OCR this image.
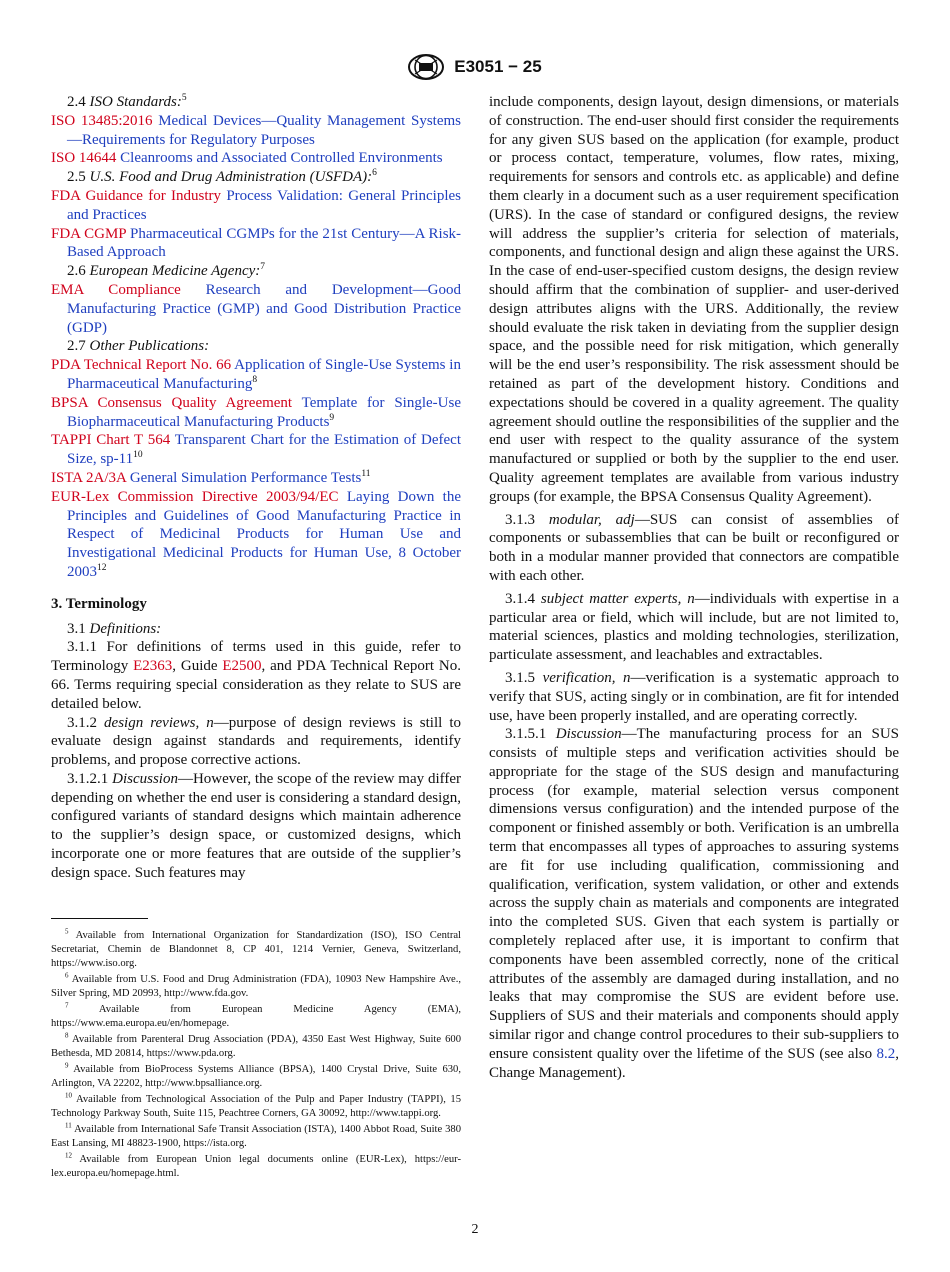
E3051 − 25

2.4 ISO Standards:$^5$

ISO 13485:2016 Medical Devices—Quality Management Systems—Requirements for Regulatory Purposes

ISO 14644 Cleanrooms and Associated Controlled Environments

2.5 U.S. Food and Drug Administration (USFDA):$^6$

FDA Guidance for Industry Process Validation: General Principles and Practices

FDA CGMP Pharmaceutical CGMPs for the 21st Century—A Risk-Based Approach

2.6 European Medicine Agency:$^7$

EMA Compliance Research and Development—Good Manufacturing Practice (GMP) and Good Distribution Practice (GDP)

2.7 Other Publications:

PDA Technical Report No. 66 Application of Single-Use Systems in Pharmaceutical Manufacturing$^8$

BPSA Consensus Quality Agreement Template for Single-Use Biopharmaceutical Manufacturing Products$^9$

TAPPI Chart T 564 Transparent Chart for the Estimation of Defect Size, $sp-11^{10}$

ISTA 2A/3A General Simulation Performance Tests$^{11}$

EUR-Lex Commission Directive 2003/94/EC Laying Down the Principles and Guidelines of Good Manufacturing Practice in Respect of Medicinal Products for Human Use and Investigational Medicinal Products for Human Use, 8 October 2003$^{12}$

3. Terminology

3.1 Definitions:

3.1.1 For definitions of terms used in this guide, refer to Terminology E2363, Guide E2500, and PDA Technical Report No. 66. Terms requiring special consideration as they relate to SUS are detailed below.

3.1.2 design reviews, n—purpose of design reviews is still to evaluate design against standards and requirements, identify problems, and propose corrective actions.

3.1.2.1 Discussion—However, the scope of the review may differ depending on whether the end user is considering a standard design, configured variants of standard designs which maintain adherence to the supplier’s design space, or customized designs, which incorporate one or more features that are outside of the supplier’s design space. Such features may

$^5$ Available from International Organization for Standardization (ISO), ISO Central Secretariat, Chemin de Blandonnet 8, CP 401, 1214 Vernier, Geneva, Switzerland, https://www.iso.org.

$^6$ Available from U.S. Food and Drug Administration (FDA), 10903 New Hampshire Ave., Silver Spring, MD 20993, http://www.fda.gov.

$^7$	Available from European Medicine Agency (EMA), https://www.ema.europa.eu/en/homepage.

$^8$ Available from Parenteral Drug Association (PDA), 4350 East West Highway, Suite 600 Bethesda, MD 20814, https://www.pda.org.

$^9$ Available from BioProcess Systems Alliance (BPSA), 1400 Crystal Drive, Suite 630, Arlington, VA 22202, http://www.bpsalliance.org.

$^{10}$ Available from Technological Association of the Pulp and Paper Industry (TAPPI), 15 Technology Parkway South, Suite 115, Peachtree Corners, GA 30092, http://www.tappi.org.

$^{11}$ Available from International Safe Transit Association (ISTA), 1400 Abbot Road, Suite 380 East Lansing, MI 48823-1900, https://ista.org.

$^{12}$ Available from European Union legal documents online (EUR-Lex), https://eur-lex.europa.eu/homepage.html.

include components, design layout, design dimensions, or materials of construction. The end-user should first consider the requirements for any given SUS based on the application (for example, product or process contact, temperature, volumes, flow rates, mixing, requirements for sensors and controls etc. as applicable) and define them clearly in a document such as a user requirement specification (URS). In the case of standard or configured designs, the review will address the supplier’s criteria for selection of materials, components, and functional design and align these against the URS. In the case of end-user-specified custom designs, the design review should affirm that the combination of supplier- and user-derived design attributes aligns with the URS. Additionally, the review should evaluate the risk taken in deviating from the supplier design space, and the possible need for risk mitigation, which generally will be the end user’s responsibility. The risk assessment should be retained as part of the development history. Conditions and expectations should be covered in a quality agreement. The quality agreement should outline the responsibilities of the supplier and the end user with respect to the quality assurance of the system manufactured or supplied or both by the supplier to the end user. Quality agreement templates are available from various industry groups (for example, the BPSA Consensus Quality Agreement).

3.1.3 modular, adj—SUS can consist of assemblies of components or subassemblies that can be built or reconfigured or both in a modular manner provided that connectors are compatible with each other.

3.1.4 subject matter experts, n—individuals with expertise in a particular area or field, which will include, but are not limited to, material sciences, plastics and molding technologies, sterilization, particulate assessment, and leachables and extractables.

3.1.5 verification, n—verification is a systematic approach to verify that SUS, acting singly or in combination, are fit for intended use, have been properly installed, and are operating correctly.

3.1.5.1 Discussion—The manufacturing process for an SUS consists of multiple steps and verification activities should be appropriate for the stage of the SUS design and manufacturing process (for example, material selection versus component dimensions versus configuration) and the intended purpose of the component or finished assembly or both. Verification is an umbrella term that encompasses all types of approaches to assuring systems are fit for use including qualification, commissioning and qualification, verification, system validation, or other and extends across the supply chain as materials and components are integrated into the completed SUS. Given that each system is partially or completely replaced after use, it is important to confirm that components have been assembled correctly, none of the critical attributes of the assembly are damaged during installation, and no leaks that may compromise the SUS are evident before use. Suppliers of SUS and their materials and components should apply similar rigor and change control procedures to their sub-suppliers to ensure consistent quality over the lifetime of the SUS (see also 8.2, Change Management).

2
